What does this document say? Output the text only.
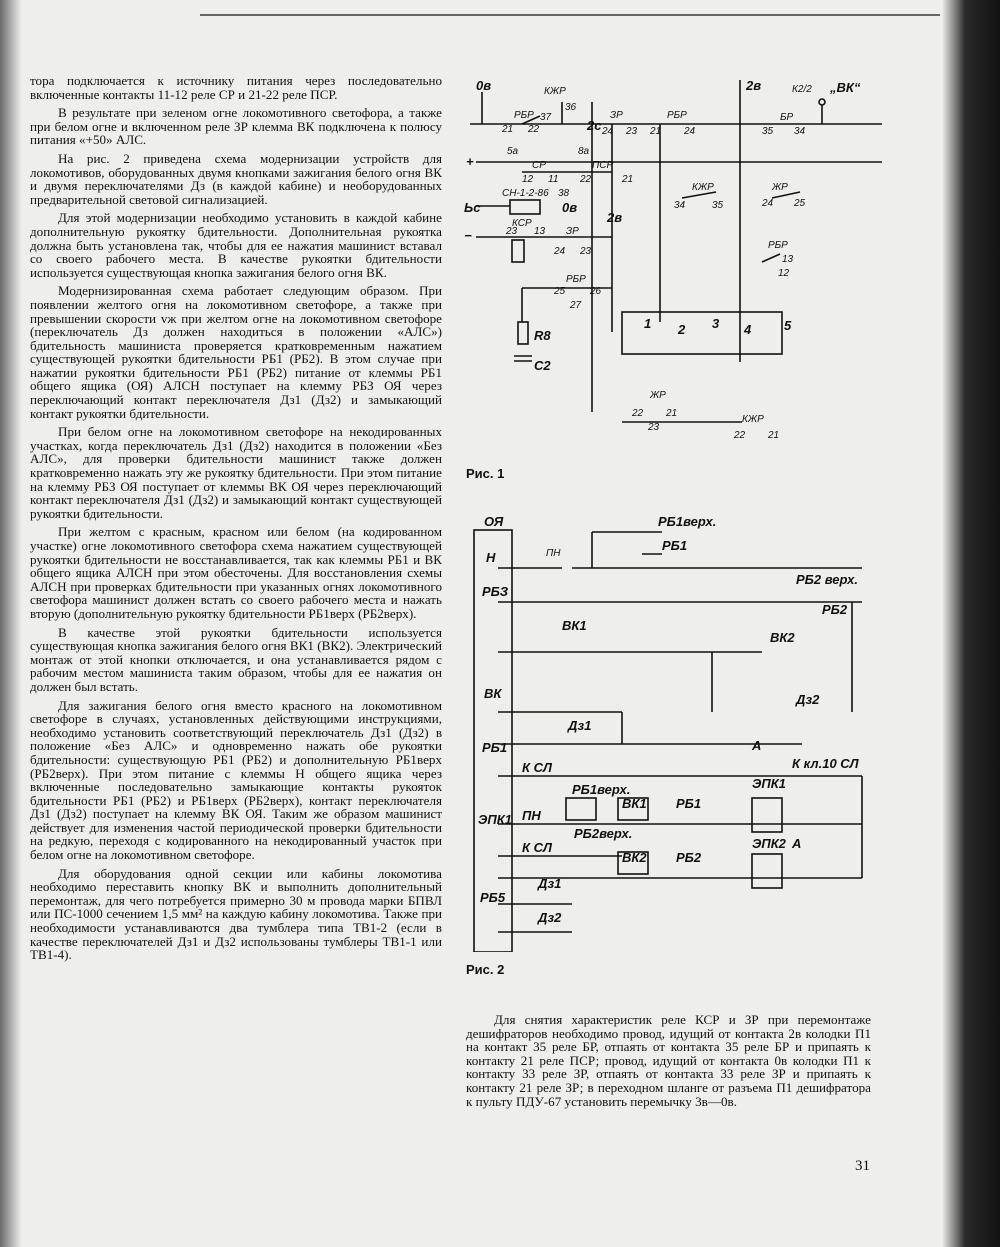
тора подключается к источнику питания через последовательно включенные контакты 11-12 реле СР и 21-22 реле ПСР.

В результате при зеленом огне локомотивного светофора, а также при белом огне и включенном реле ЗР клемма ВК подключена к полюсу питания «+50» АЛС.

На рис. 2 приведена схема модернизации устройств для локомотивов, оборудованных двумя кнопками зажигания белого огня ВК и двумя переключателями Дз (в каждой кабине) и необорудованных предварительной световой сигнализацией.

Для этой модернизации необходимо установить в каждой кабине дополнительную рукоятку бдительности. Дополнительная рукоятка должна быть установлена так, чтобы для ее нажатия машинист вставал со своего рабочего места. В качестве рукоятки бдительности используется существующая кнопка зажигания белого огня ВК.

Модернизированная схема работает следующим образом. При появлении желтого огня на локомотивном светофоре, а также при превышении скорости vж при желтом огне на локомотивном светофоре (переключатель Дз должен находиться в положении «АЛС») бдительность машиниста проверяется кратковременным нажатием существующей рукоятки бдительности РБ1 (РБ2). В этом случае при нажатии рукоятки бдительности РБ1 (РБ2) питание от клеммы РБ1 общего ящика (ОЯ) АЛСН поступает на клемму РБЗ ОЯ через переключающий контакт переключателя Дз1 (Дз2) и замыкающий контакт рукоятки бдительности.

При белом огне на локомотивном светофоре на некодированных участках, когда переключатель Дз1 (Дз2) находится в положении «Без АЛС», для проверки бдительности машинист также должен кратковременно нажать эту же рукоятку бдительности. При этом питание на клемму РБЗ ОЯ поступает от клеммы ВК ОЯ через переключающий контакт переключателя Дз1 (Дз2) и замыкающий контакт существующей рукоятки бдительности.

При желтом с красным, красном или белом (на кодированном участке) огне локомотивного светофора схема нажатием существующей рукоятки бдительности не восстанавливается, так как клеммы РБ1 и ВК общего ящика АЛСН при этом обесточены. Для восстановления схемы АЛСН при проверках бдительности при указанных огнях локомотивного светофора машинист должен встать со своего рабочего места и нажать вторую (дополнительную рукоятку бдительности РБ1верх (РБ2верх).

В качестве этой рукоятки бдительности используется существующая кнопка зажигания белого огня ВК1 (ВК2). Электрический монтаж от этой кнопки отключается, и она устанавливается рядом с рабочим местом машиниста таким образом, чтобы для ее нажатия он должен был встать.

Для зажигания белого огня вместо красного на локомотивном светофоре в случаях, установленных действующими инструкциями, необходимо установить соответствующий переключатель Дз1 (Дз2) в положение «Без АЛС» и одновременно нажать обе рукоятки бдительности: существующую РБ1 (РБ2) и дополнительную РБ1верх (РБ2верх). При этом питание с клеммы Н общего ящика через включенные последовательно замыкающие контакты рукояток бдительности РБ1 (РБ2) и РБ1верх (РБ2верх), контакт переключателя Дз1 (Дз2) поступает на клемму ВК ОЯ. Таким же образом машинист действует для изменения частой периодической проверки бдительности на редкую, переходя с кодированного на некодированный участок при белом огне на локомотивном светофоре.

Для оборудования одной секции или кабины локомотива необходимо переставить кнопку ВК и выполнить дополнительный перемонтаж, для чего потребуется примерно 30 м провода марки БПВЛ или ПС-1000 сечением 1,5 мм² на каждую кабину локомотива. Также при необходимости устанавливаются два тумблера типа ТВ1-2 (если в качестве переключателей Дз1 и Дз2 использованы тумблеры ТВ1-1 или ТВ1-4).

0в	КЖР
РБР
36
37
21 22	2с
ЗР
24 23
РБР
21 24
2в	К2/2 „ВК“
БР
35 34
+
5а
СР
12 11
8а
ПСР
22	21
СН-1-2-86 38
Ьс
КСР
0в
КЖР
34	35
ЖР
24 25
2в
−	23 13 ЗР
24 23
РБР
13
12
РБР
25 26
27
R8
С2
1 2 3 4	5
ЖР
22 21
23
КЖР
22 21
Рис. 1
ОЯ
Н
РБЗ
ВК
РБ1
ЭПК1
РБ5
ПН
РБ1верх.
РБ1
РБ2 верх.
РБ2
ВК1
ВК2
Дз2
Дз1
А
К СЛ	К кл.10 СЛ
РБ1верх.
ВК1 РБ1
ЭПК1
ПН
РБ2верх.
К СЛ
ВК2 РБ2
ЭПК2 А
Дз1
Дз2
Рис. 2

Для снятия характеристик реле КСР и ЗР при перемонтаже дешифраторов необходимо провод, идущий от контакта 2в колодки П1 на контакт 35 реле БР, отпаять от контакта 35 реле БР и припаять к контакту 21 реле ПСР; провод, идущий от контакта 0в колодки П1 к контакту 33 реле ЗР, отпаять от контакта 33 реле ЗР и припаять к контакту 21 реле ЗР; в переходном шланге от разъема П1 дешифратора к пульту ПДУ-67 установить перемычку 3в—0в.

31
